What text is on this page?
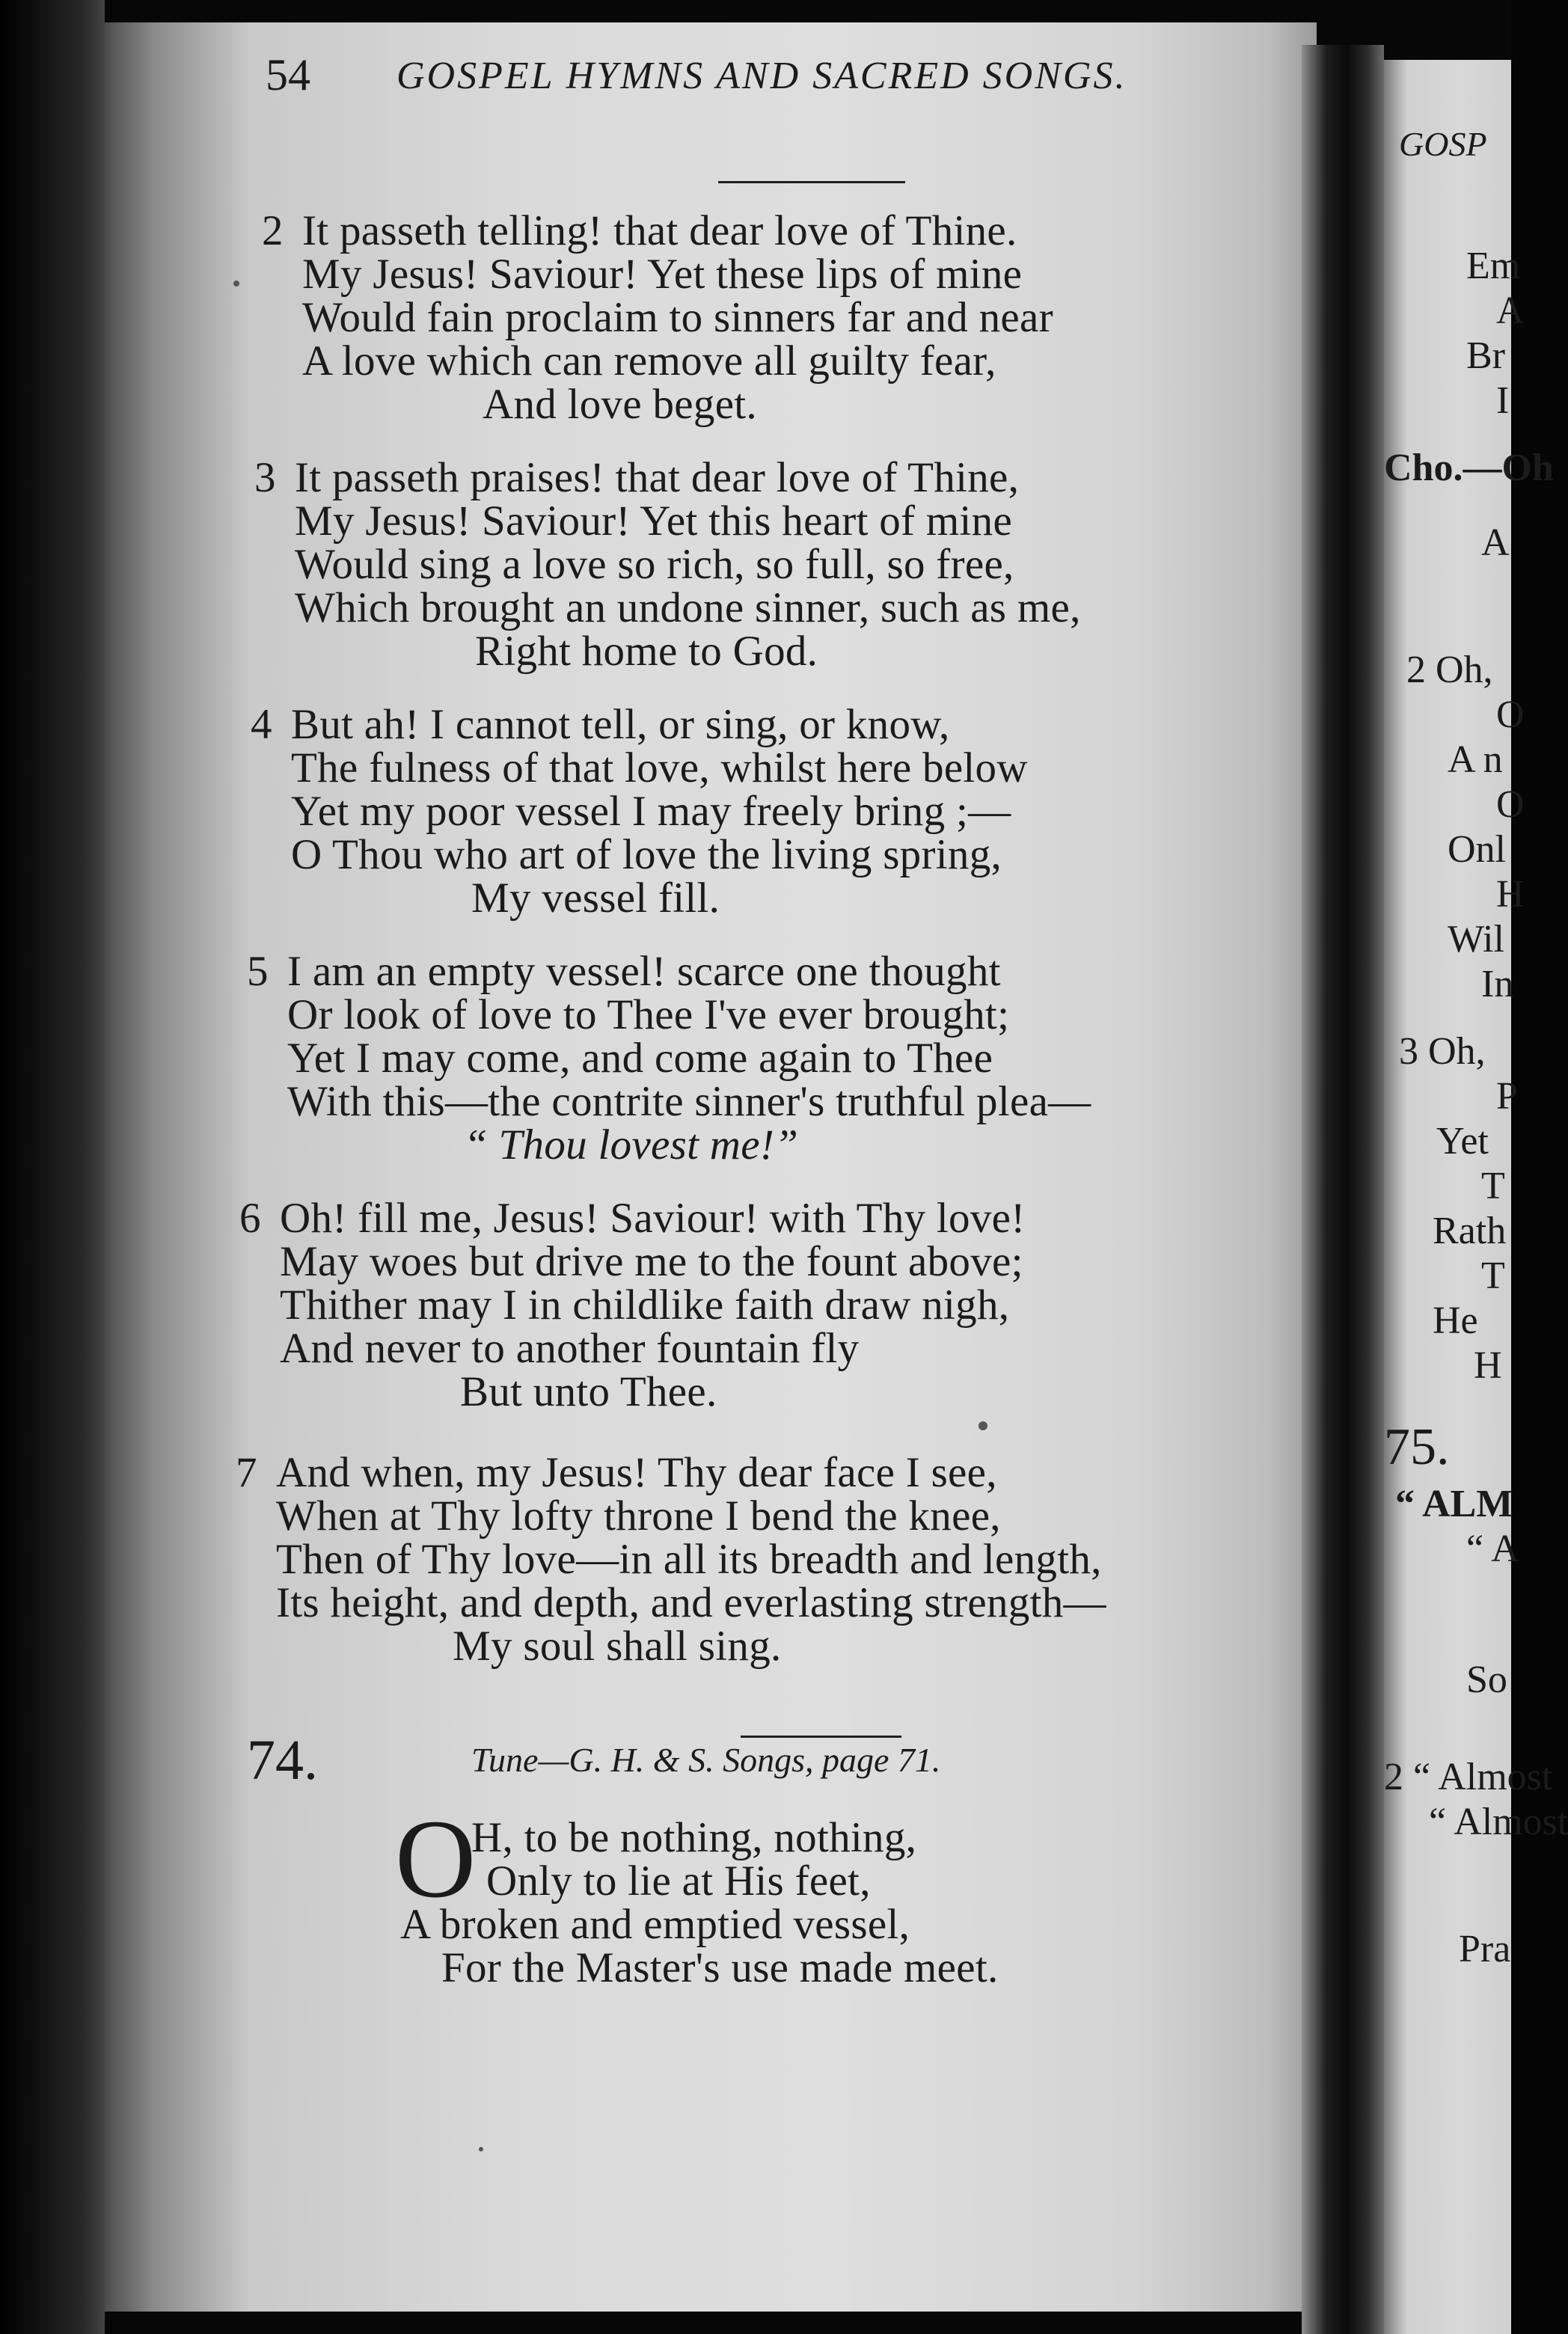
54 GOSPEL HYMNS AND SACRED SONGS.
2 It passeth telling! that dear love of Thine.
My Jesus! Saviour! Yet these lips of mine
Would fain proclaim to sinners far and near
A love which can remove all guilty fear,
And love beget.
3 It passeth praises! that dear love of Thine,
My Jesus! Saviour! Yet this heart of mine
Would sing a love so rich, so full, so free,
Which brought an undone sinner, such as me,
Right home to God.
4 But ah! I cannot tell, or sing, or know,
The fulness of that love, whilst here below
Yet my poor vessel I may freely bring ;—
O Thou who art of love the living spring,
My vessel fill.
5 I am an empty vessel! scarce one thought
Or look of love to Thee I've ever brought;
Yet I may come, and come again to Thee
With this—the contrite sinner's truthful plea—
“ Thou lovest me!”
6 Oh! fill me, Jesus! Saviour! with Thy love!
May woes but drive me to the fount above;
Thither may I in childlike faith draw nigh,
And never to another fountain fly
But unto Thee.
7 And when, my Jesus! Thy dear face I see,
When at Thy lofty throne I bend the knee,
Then of Thy love—in all its breadth and length,
Its height, and depth, and everlasting strength—
My soul shall sing.
74.	Tune—G. H. & S. Songs, page 71.
O
H, to be nothing, nothing,
Only to lie at His feet,
A broken and emptied vessel,
For the Master's use made meet.
GOSP
Em
A
Br
I
Cho.—Oh
A
2 Oh,
O
A n
O
Onl
H
Wil
In
3 Oh,
P
Yet
T
Rath
T
He
H
75.
“ ALM
“ A
So
2 “ Almost
“ Almost
Pra
